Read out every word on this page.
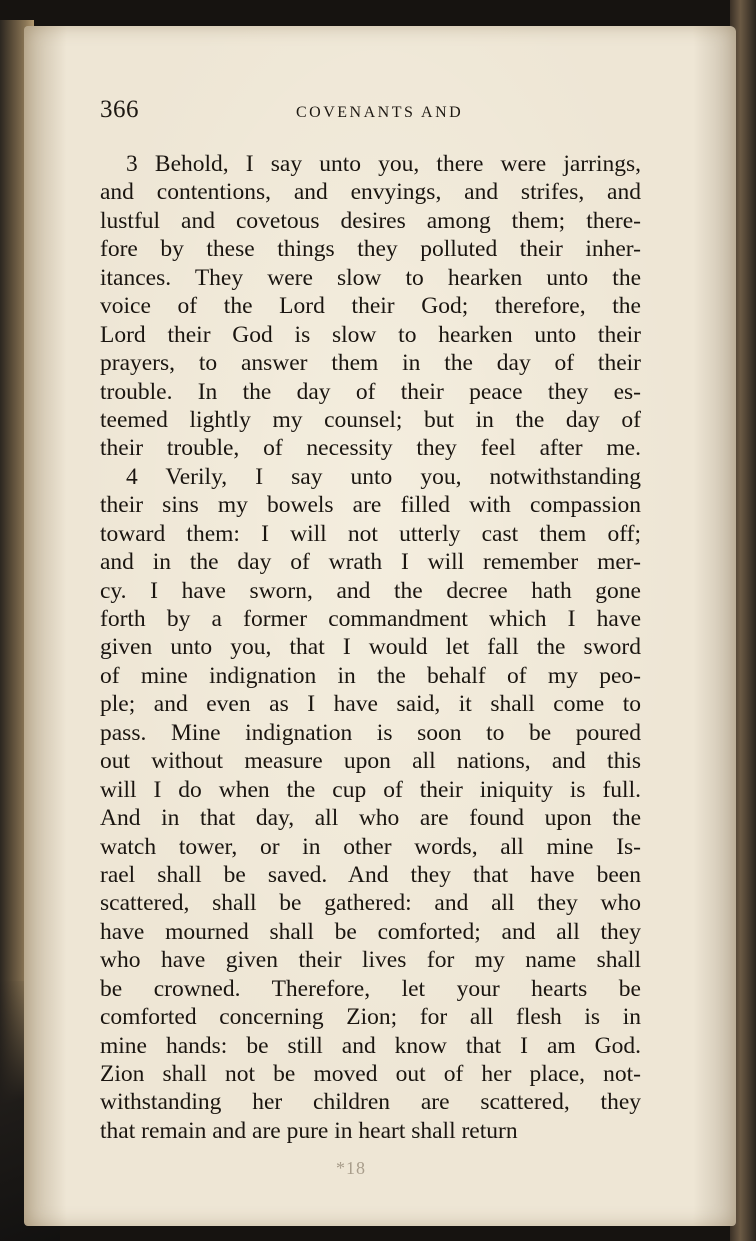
366	COVENANTS AND
3 Behold, I say unto you, there were jarrings,
and contentions, and envyings, and strifes, and
lustful and covetous desires among them; there-
fore by these things they polluted their inher-
itances. They were slow to hearken unto the
voice of the Lord their God; therefore, the
Lord their God is slow to hearken unto their
prayers, to answer them in the day of their
trouble. In the day of their peace they es-
teemed lightly my counsel; but in the day of
their trouble, of necessity they feel after me.
4 Verily, I say unto you, notwithstanding
their sins my bowels are filled with compassion
toward them: I will not utterly cast them off;
and in the day of wrath I will remember mer-
cy. I have sworn, and the decree hath gone
forth by a former commandment which I have
given unto you, that I would let fall the sword
of mine indignation in the behalf of my peo-
ple; and even as I have said, it shall come to
pass. Mine indignation is soon to be poured
out without measure upon all nations, and this
will I do when the cup of their iniquity is full.
And in that day, all who are found upon the
watch tower, or in other words, all mine Is-
rael shall be saved. And they that have been
scattered, shall be gathered: and all they who
have mourned shall be comforted; and all they
who have given their lives for my name shall
be crowned. Therefore, let your hearts be
comforted concerning Zion; for all flesh is in
mine hands: be still and know that I am God.
Zion shall not be moved out of her place, not-
withstanding her children are scattered, they
that remain and are pure in heart shall return
*18
